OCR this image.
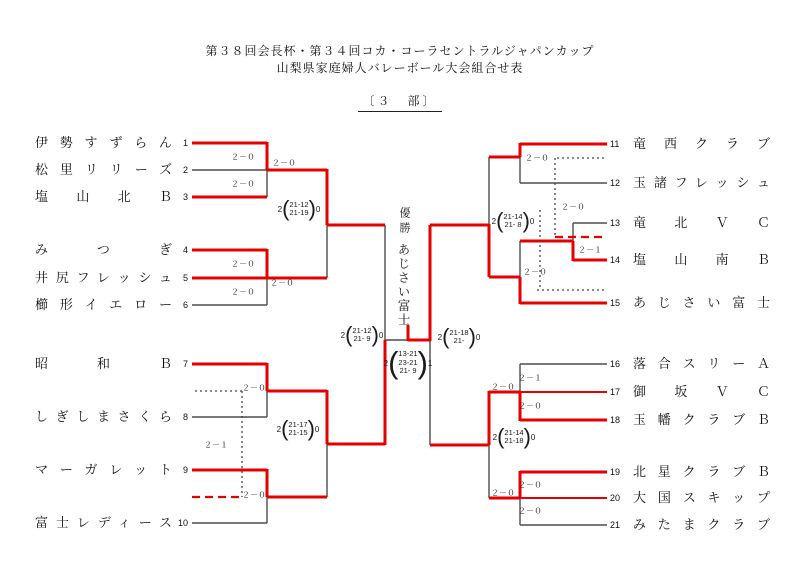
第３８回会長杯・第３４回コカ・コーラセントラルジャパンカップ
山梨県家庭婦人バレーボール大会組合せ表
〔３　部〕
優勝
あじさい富士
伊勢すずらん
松里リリーズ
塩山北Ｂ
みつぎ
井尻フレッシュ
櫛形イエロー
昭和Ｂ
しぎしまさくら
マーガレット
富士レディース
1
2
3
4
5
6
7
8
9
10
11
12
13
14
15
16
17
18
19
20
21
竜西クラブ
玉諸フレッシュ
竜北ＶＣ
塩山南Ｂ
あじさい富士
落合スリーＡ
御坂ＶＣ
玉幡クラブＢ
北星クラブＢ
大国スキップ
みたまクラブ
２－０
２－０
２－０
２－０
２－０
２－０
２－０
２－１
２－０
２－０
２－０
２－１
２－０
２－１
２－０
２－０
２－０
２－０
２－０
2 ( 21-12
21-19 ) 0
2 ( 21-17
21-15 ) 0
2 ( 21-12
21- 9 ) 0
2 ( 21-14
21- 8 ) 0
2 ( 21-14
21-18 ) 0
2 ( 21-18
21- ) 0
2 ( 13-21
23-21
21- 9 ) 1
